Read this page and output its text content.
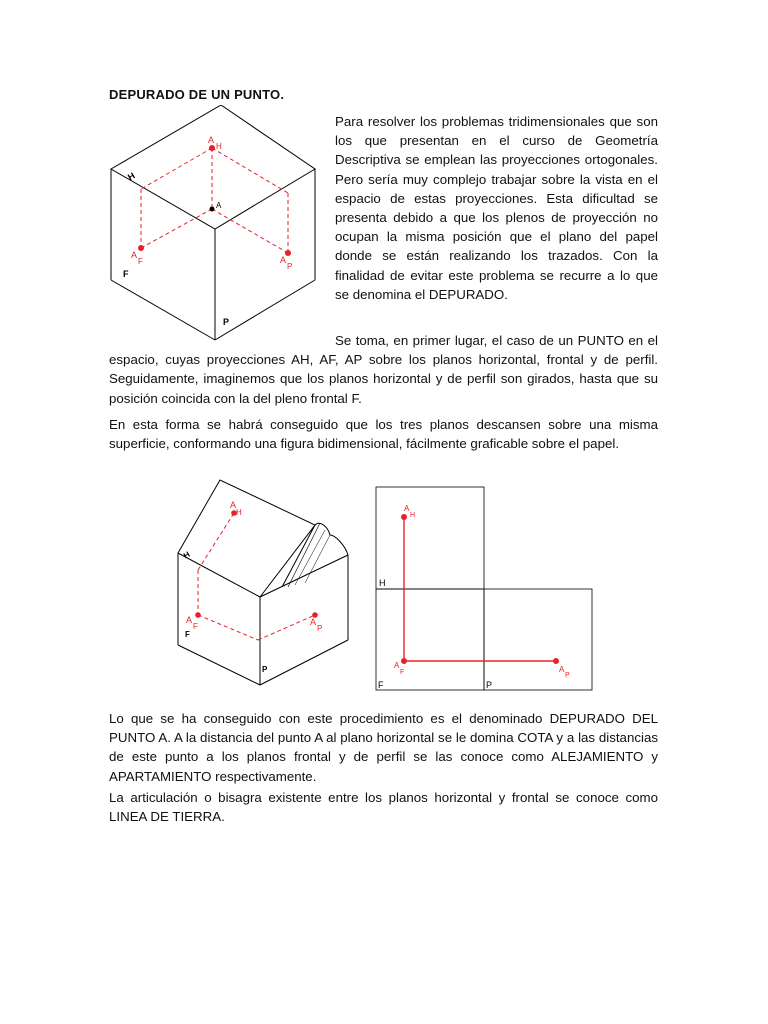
DEPURADO DE UN PUNTO.
A
H
A
A
F	A
P
H
F
P

Para resolver los problemas tridimensionales que son los que presentan en el curso de Geometría Descriptiva se emplean las proyecciones ortogonales. Pero sería muy complejo trabajar sobre la vista en el espacio de estas proyecciones. Esta dificultad se presenta debido a que los plenos de proyección no ocupan la misma posición que el plano del papel donde se están realizando los trazados. Con la finalidad de evitar este problema se recurre a lo que se denomina el DEPURADO.

Se toma, en primer lugar, el caso de un PUNTO en el espacio, cuyas proyecciones AH, AF, AP sobre los planos horizontal, frontal y de perfil. Seguidamente, imaginemos que los planos horizontal y de perfil son girados, hasta que su posición coincida con la del pleno frontal F.

En esta forma se habrá conseguido que los tres planos descansen sobre una misma superficie, conformando una figura bidimensional, fácilmente graficable sobre el papel.

A
H
A
F	A
P
H
F
P
A
H
A
F	A
P
H
F	P

Lo que se ha conseguido con este procedimiento es el denominado DEPURADO DEL PUNTO A. A la distancia del punto A al plano horizontal se le domina COTA y a las distancias de este punto a los planos frontal y de perfil se las conoce como ALEJAMIENTO y APARTAMIENTO respectivamente.

La articulación o bisagra existente entre los planos horizontal y frontal se conoce como LINEA DE TIERRA.
